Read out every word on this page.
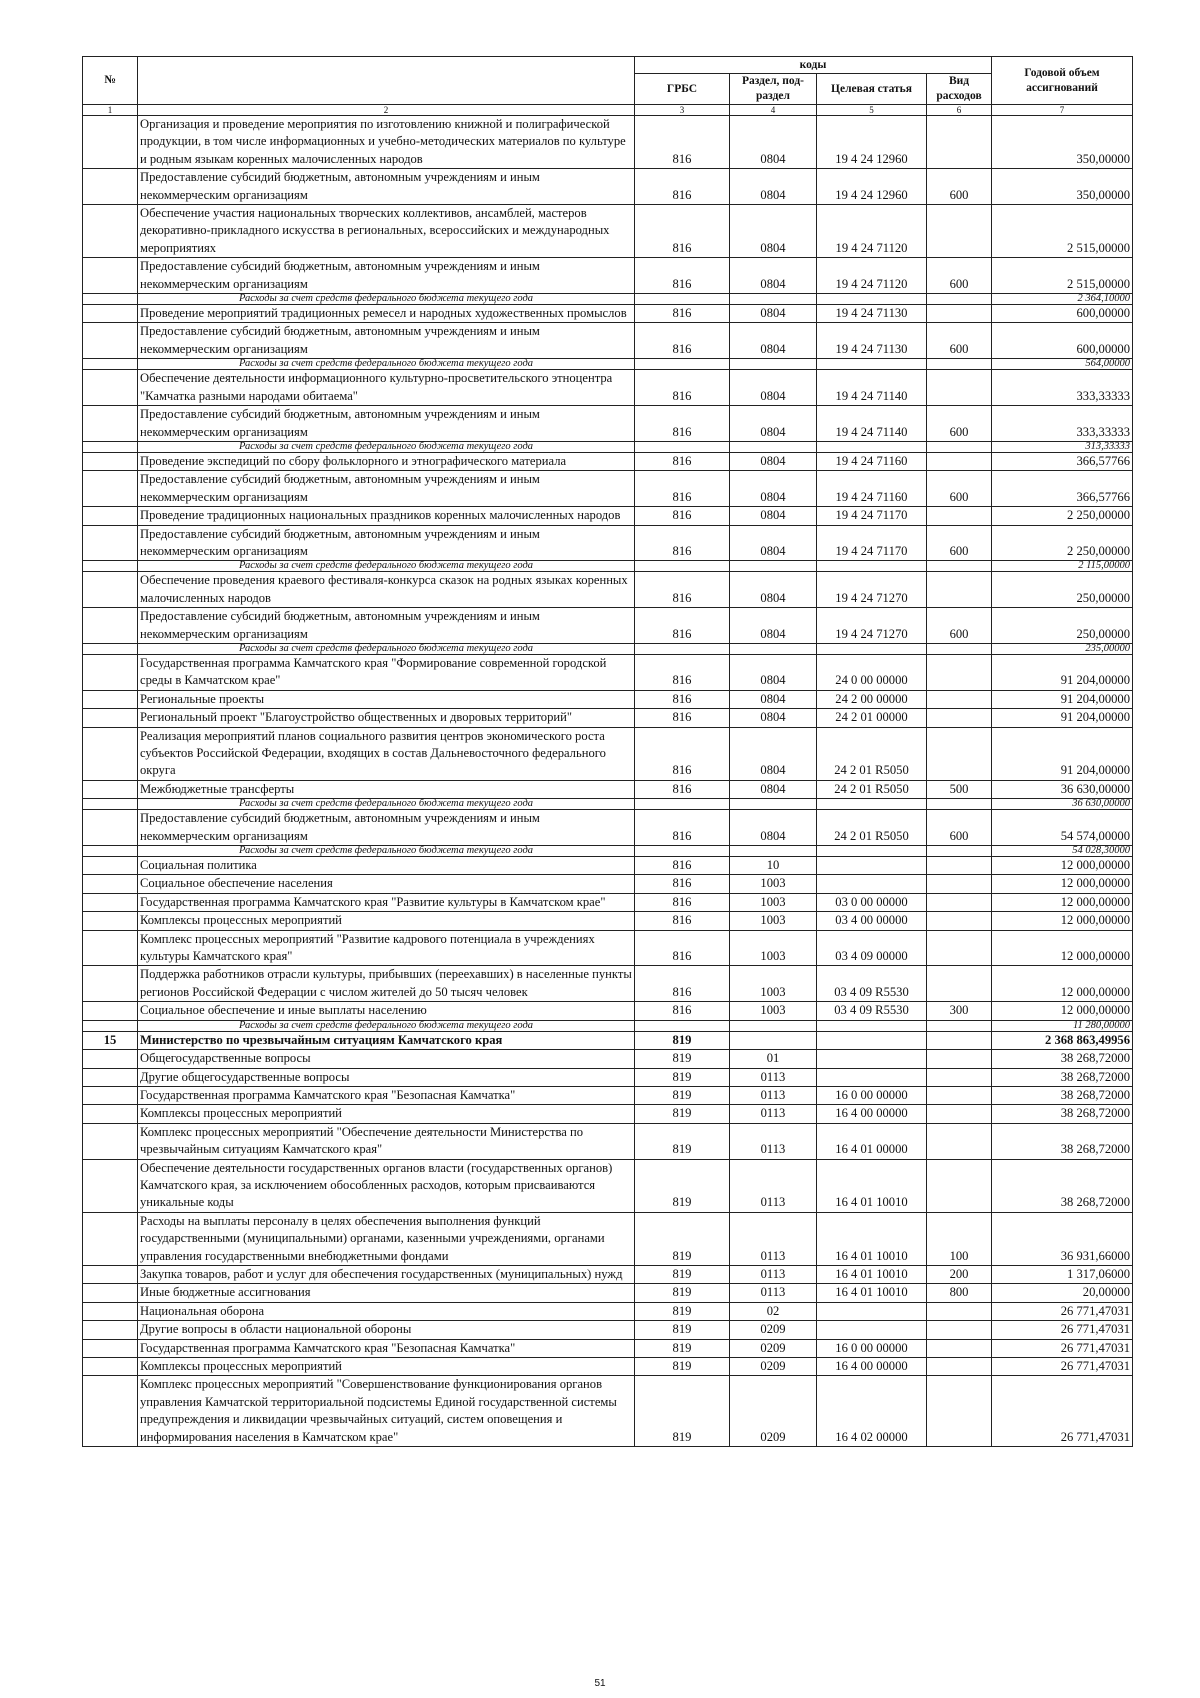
№		коды				Годовой объем ассигнований
		ГРБС	Раздел, под-раздел	Целевая статья	Вид расходов	
1	2	3	4	5	6	7
	Организация и проведение мероприятия по изготовлению книжной и полиграфической продукции, в том числе информационных и учебно-методических материалов по культуре и родным языкам коренных малочисленных народов	816	0804	19 4 24 12960		350,00000
	Предоставление субсидий бюджетным, автономным учреждениям и иным некоммерческим организациям	816	0804	19 4 24 12960	600	350,00000
	Обеспечение участия национальных творческих коллективов, ансамблей, мастеров декоративно-прикладного искусства в региональных, всероссийских и международных мероприятиях	816	0804	19 4 24 71120		2 515,00000
	Предоставление субсидий бюджетным, автономным учреждениям и иным некоммерческим организациям	816	0804	19 4 24 71120	600	2 515,00000
	Расходы за счет средств федерального бюджета текущего года					2 364,10000
	Проведение мероприятий традиционных ремесел и народных художественных промыслов	816	0804	19 4 24 71130		600,00000
	Предоставление субсидий бюджетным, автономным учреждениям и иным некоммерческим организациям	816	0804	19 4 24 71130	600	600,00000
	Расходы за счет средств федерального бюджета текущего года					564,00000
	Обеспечение деятельности информационного культурно-просветительского этноцентра "Камчатка разными народами обитаема"	816	0804	19 4 24 71140		333,33333
	Предоставление субсидий бюджетным, автономным учреждениям и иным некоммерческим организациям	816	0804	19 4 24 71140	600	333,33333
	Расходы за счет средств федерального бюджета текущего года					313,33333
	Проведение экспедиций по сбору фольклорного и этнографического материала	816	0804	19 4 24 71160		366,57766
	Предоставление субсидий бюджетным, автономным учреждениям и иным некоммерческим организациям	816	0804	19 4 24 71160	600	366,57766
	Проведение традиционных национальных праздников коренных малочисленных народов	816	0804	19 4 24 71170		2 250,00000
	Предоставление субсидий бюджетным, автономным учреждениям и иным некоммерческим организациям	816	0804	19 4 24 71170	600	2 250,00000
	Расходы за счет средств федерального бюджета текущего года					2 115,00000
	Обеспечение проведения краевого фестиваля-конкурса сказок на родных языках коренных малочисленных народов	816	0804	19 4 24 71270		250,00000
	Предоставление субсидий бюджетным, автономным учреждениям и иным некоммерческим организациям	816	0804	19 4 24 71270	600	250,00000
	Расходы за счет средств федерального бюджета текущего года					235,00000
	Государственная программа Камчатского края "Формирование современной городской среды в Камчатском крае"	816	0804	24 0 00 00000		91 204,00000
	Региональные проекты	816	0804	24 2 00 00000		91 204,00000
	Региональный проект "Благоустройство общественных и дворовых территорий"	816	0804	24 2 01 00000		91 204,00000
	Реализация мероприятий планов социального развития центров экономического роста субъектов Российской Федерации, входящих в состав Дальневосточного федерального округа	816	0804	24 2 01 R5050		91 204,00000
	Межбюджетные трансферты	816	0804	24 2 01 R5050	500	36 630,00000
	Расходы за счет средств федерального бюджета текущего года					36 630,00000
	Предоставление субсидий бюджетным, автономным учреждениям и иным некоммерческим организациям	816	0804	24 2 01 R5050	600	54 574,00000
	Расходы за счет средств федерального бюджета текущего года					54 028,30000
	Социальная политика	816	10			12 000,00000
	Социальное обеспечение населения	816	1003			12 000,00000
	Государственная программа Камчатского края "Развитие культуры в Камчатском крае"	816	1003	03 0 00 00000		12 000,00000
	Комплексы процессных мероприятий	816	1003	03 4 00 00000		12 000,00000
	Комплекс процессных мероприятий "Развитие кадрового потенциала в учреждениях культуры Камчатского края"	816	1003	03 4 09 00000		12 000,00000
	Поддержка работников отрасли культуры, прибывших (переехавших) в населенные пункты регионов Российской Федерации с числом жителей до 50 тысяч человек	816	1003	03 4 09 R5530		12 000,00000
	Социальное обеспечение и иные выплаты населению	816	1003	03 4 09 R5530	300	12 000,00000
	Расходы за счет средств федерального бюджета текущего года					11 280,00000
15	Министерство по чрезвычайным ситуациям Камчатского края	819				2 368 863,49956
	Общегосударственные вопросы	819	01			38 268,72000
	Другие общегосударственные вопросы	819	0113			38 268,72000
	Государственная программа Камчатского края "Безопасная Камчатка"	819	0113	16 0 00 00000		38 268,72000
	Комплексы процессных мероприятий	819	0113	16 4 00 00000		38 268,72000
	Комплекс процессных мероприятий "Обеспечение деятельности Министерства по чрезвычайным ситуациям Камчатского края"	819	0113	16 4 01 00000		38 268,72000
	Обеспечение деятельности государственных органов власти (государственных органов) Камчатского края, за исключением обособленных расходов, которым присваиваются уникальные коды	819	0113	16 4 01 10010		38 268,72000
	Расходы на выплаты персоналу в целях обеспечения выполнения функций государственными (муниципальными) органами, казенными учреждениями, органами управления государственными внебюджетными фондами	819	0113	16 4 01 10010	100	36 931,66000
	Закупка товаров, работ и услуг для обеспечения государственных (муниципальных) нужд	819	0113	16 4 01 10010	200	1 317,06000
	Иные бюджетные ассигнования	819	0113	16 4 01 10010	800	20,00000
	Национальная оборона	819	02			26 771,47031
	Другие вопросы в области национальной обороны	819	0209			26 771,47031
	Государственная программа Камчатского края "Безопасная Камчатка"	819	0209	16 0 00 00000		26 771,47031
	Комплексы процессных мероприятий	819	0209	16 4 00 00000		26 771,47031
	Комплекс процессных мероприятий "Совершенствование функционирования органов управления Камчатской территориальной подсистемы Единой государственной системы предупреждения и ликвидации чрезвычайных ситуаций, систем оповещения и информирования населения в Камчатском крае"	819	0209	16 4 02 00000		26 771,47031
51
